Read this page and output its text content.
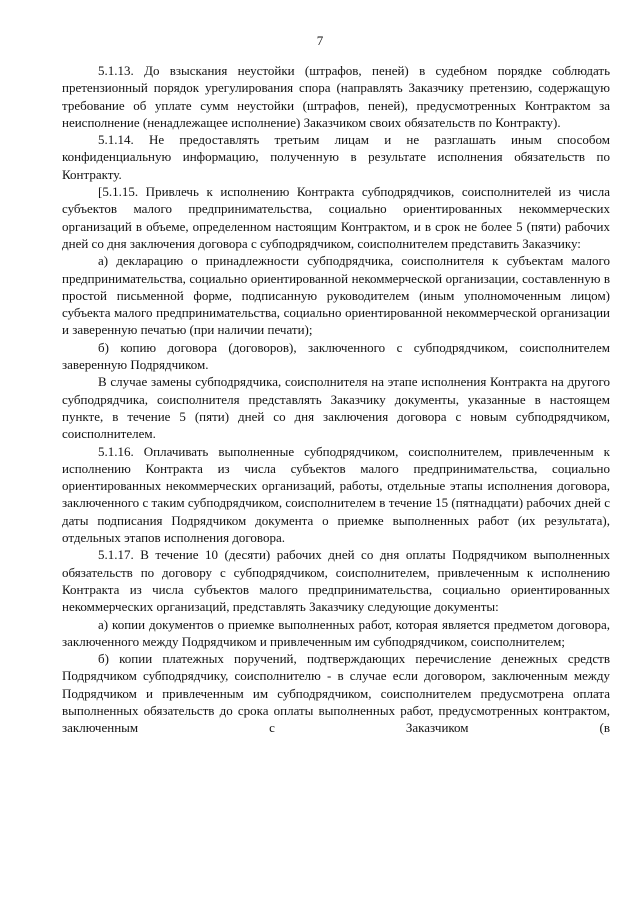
7

5.1.13. До взыскания неустойки (штрафов, пеней) в судебном порядке соблюдать претензионный порядок урегулирования спора (направлять Заказчику претензию, содержащую требование об уплате сумм неустойки (штрафов, пеней), предусмотренных Контрактом за неисполнение (ненадлежащее исполнение) Заказчиком своих обязательств по Контракту).

5.1.14. Не предоставлять третьим лицам и не разглашать иным способом конфиденциальную информацию, полученную в результате исполнения обязательств по Контракту.

[5.1.15. Привлечь к исполнению Контракта субподрядчиков, соисполнителей из числа субъектов малого предпринимательства, социально ориентированных некоммерческих организаций в объеме, определенном настоящим Контрактом, и в срок не более 5 (пяти) рабочих дней со дня заключения договора с субподрядчиком, соисполнителем представить Заказчику:

а) декларацию о принадлежности субподрядчика, соисполнителя к субъектам малого предпринимательства, социально ориентированной некоммерческой организации, составленную в простой письменной форме, подписанную руководителем (иным уполномоченным лицом) субъекта малого предпринимательства, социально ориентированной некоммерческой организации и заверенную печатью (при наличии печати);

б) копию договора (договоров), заключенного с субподрядчиком, соисполнителем заверенную Подрядчиком.

В случае замены субподрядчика, соисполнителя на этапе исполнения Контракта на другого субподрядчика, соисполнителя представлять Заказчику документы, указанные в настоящем пункте, в течение 5 (пяти) дней со дня заключения договора с новым субподрядчиком, соисполнителем.

5.1.16. Оплачивать выполненные субподрядчиком, соисполнителем, привлеченным к исполнению Контракта из числа субъектов малого предпринимательства, социально ориентированных некоммерческих организаций, работы, отдельные этапы исполнения договора, заключенного с таким субподрядчиком, соисполнителем в течение 15 (пятнадцати) рабочих дней с даты подписания Подрядчиком документа о приемке выполненных работ (их результата), отдельных этапов исполнения договора.

5.1.17. В течение 10 (десяти) рабочих дней со дня оплаты Подрядчиком выполненных обязательств по договору с субподрядчиком, соисполнителем, привлеченным к исполнению Контракта из числа субъектов малого предпринимательства, социально ориентированных некоммерческих организаций, представлять Заказчику следующие документы:

а) копии документов о приемке выполненных работ, которая является предметом договора, заключенного между Подрядчиком и привлеченным им субподрядчиком, соисполнителем;

б) копии платежных поручений, подтверждающих перечисление денежных средств Подрядчиком субподрядчику, соисполнителю - в случае если договором, заключенным между Подрядчиком и привлеченным им субподрядчиком, соисполнителем предусмотрена оплата выполненных обязательств до срока оплаты выполненных работ, предусмотренных контрактом, заключенным с Заказчиком (в
